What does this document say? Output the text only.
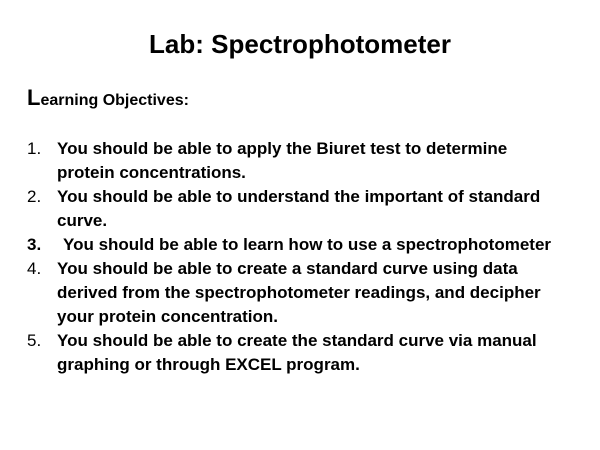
Lab: Spectrophotometer
Learning Objectives:
1. You should be able to apply the Biuret test to determine protein concentrations.
2. You should be able to understand the important of standard curve.
3. You should be able to learn how to use a spectrophotometer
4. You should be able to create a standard curve using data derived from the spectrophotometer readings, and decipher your protein concentration.
5. You should be able to create the standard curve via manual graphing or through EXCEL program.
